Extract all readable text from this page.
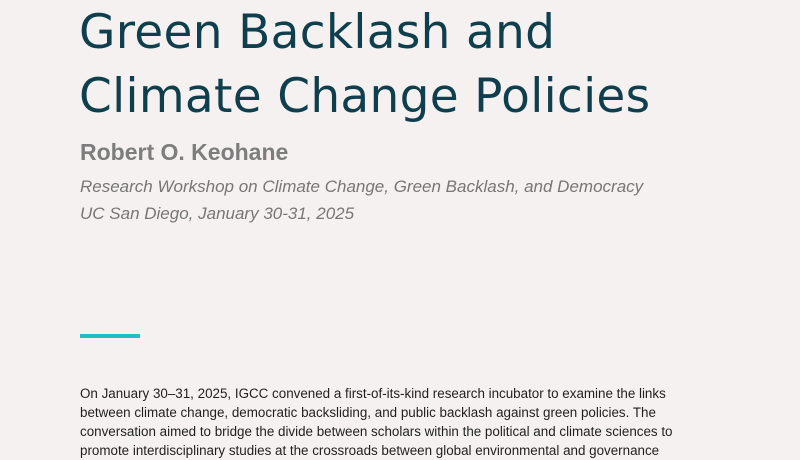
Green Backlash and
Climate Change Policies
Robert O. Keohane
Research Workshop on Climate Change, Green Backlash, and Democracy
UC San Diego, January 30-31, 2025

On January 30–31, 2025, IGCC convened a first-of-its-kind research incubator to examine the links
between climate change, democratic backsliding, and public backlash against green policies. The
conversation aimed to bridge the divide between scholars within the political and climate sciences to
promote interdisciplinary studies at the crossroads between global environmental and governance
